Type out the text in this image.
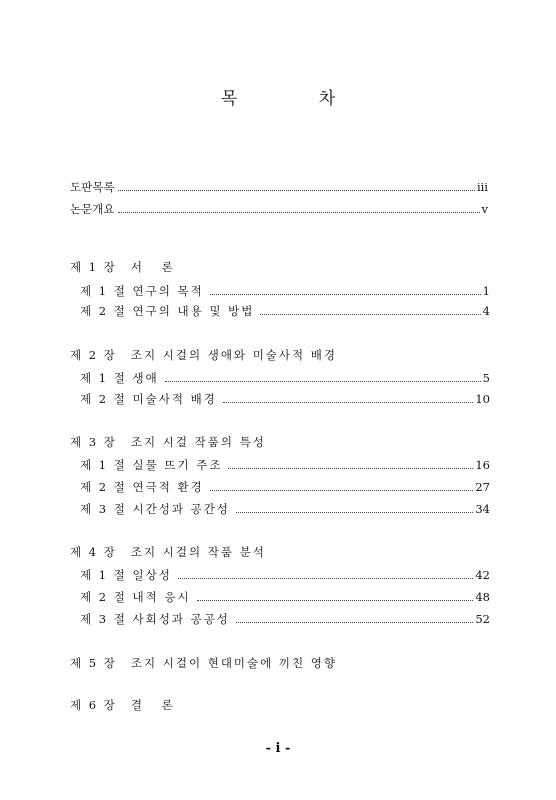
목 차
도판목록	iii
논문개요	v
제 1 장 서 론
제 1 절 연구의 목적	1
제 2 절 연구의 내용 및 방법	4
제 2 장 조지 시걸의 생애와 미술사적 배경
제 1 절 생애	5
제 2 절 미술사적 배경	10
제 3 장 조지 시걸 작품의 특성
제 1 절 실물 뜨기 주조	16
제 2 절 연극적 환경	27
제 3 절 시간성과 공간성	34
제 4 장 조지 시걸의 작품 분석
제 1 절 일상성	42
제 2 절 내적 응시	48
제 3 절 사회성과 공공성	52
제 5 장 조지 시걸이 현대미술에 끼친 영향
제 6 장 결 론
- i -
